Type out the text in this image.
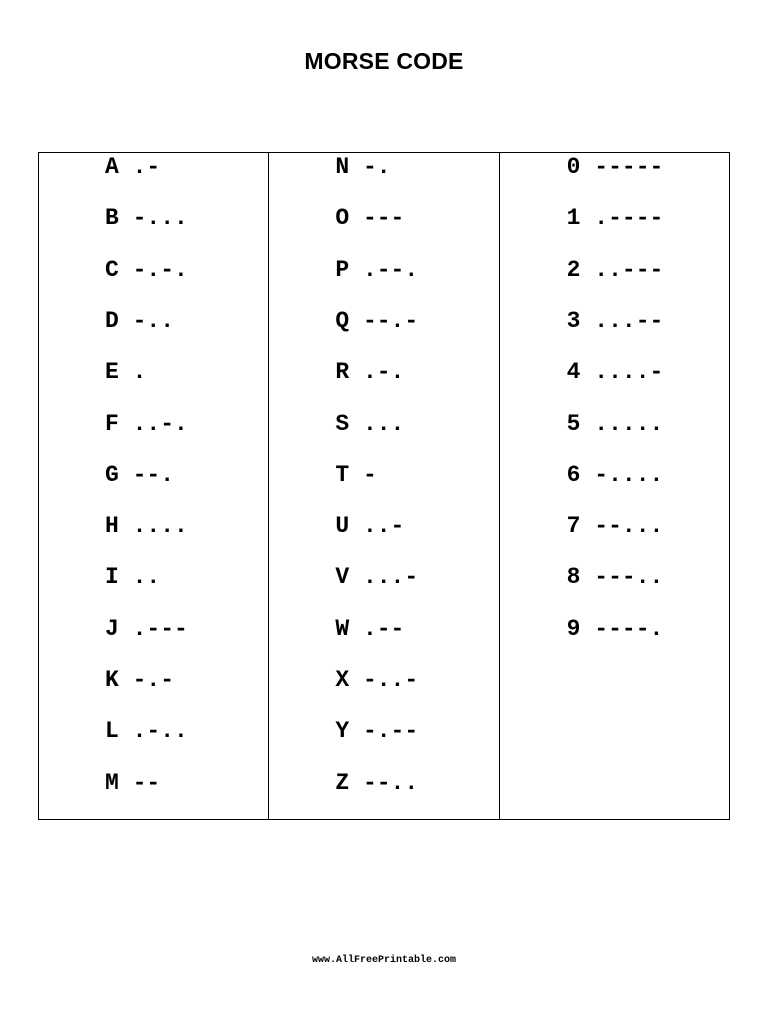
MORSE CODE
A .-
B -...
C -.-.
D -..
E .
F ..-.
G --.
H ....
I ..
J .---
K -.-
L .-..
M --
N -.
O ---
P .--.
Q --.-
R .-.
S ...
T -
U ..-
V ...-
W .--
X -..-
Y -.--
Z --..
0 -----
1 .----
2 ..---
3 ...--
4 ....-
5 .....
6 -....
7 --...
8 ---..
9 ----.
www.AllFreePrintable.com
